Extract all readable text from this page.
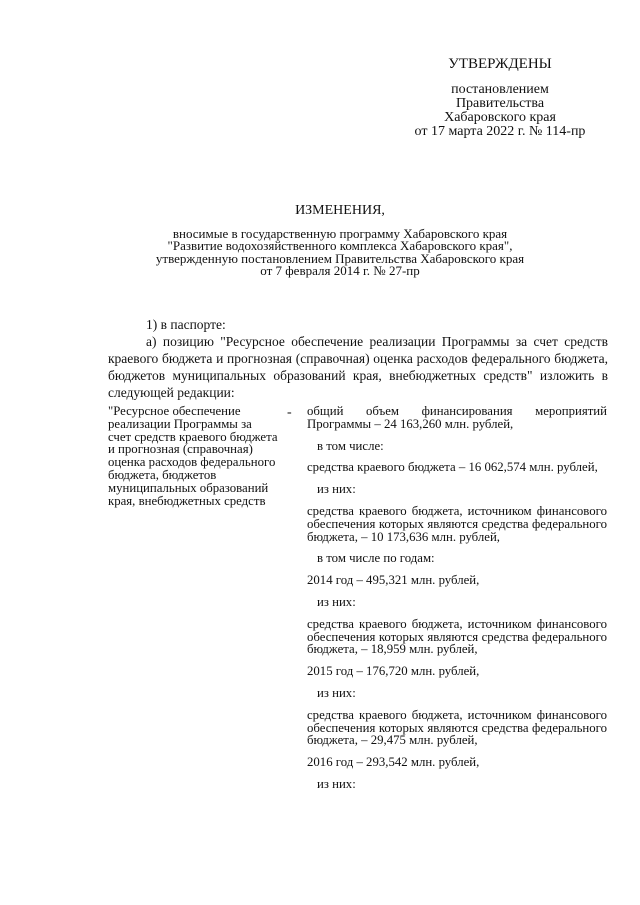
УТВЕРЖДЕНЫ
постановлением
Правительства
Хабаровского края
от 17 марта 2022 г. № 114-пр
ИЗМЕНЕНИЯ,
вносимые в государственную программу Хабаровского края
"Развитие водохозяйственного комплекса Хабаровского края",
утвержденную постановлением Правительства Хабаровского края
от 7 февраля 2014 г. № 27-пр
1) в паспорте:
а) позицию "Ресурсное обеспечение реализации Программы за счет средств краевого бюджета и прогнозная (справочная) оценка расходов федерального бюджета, бюджетов муниципальных образований края, внебюджетных средств" изложить в следующей редакции:
"Ресурсное обеспечение реализации Программы за счет средств краевого бюджета и прогнозная (справочная) оценка расходов федерального бюджета, бюджетов муниципальных образований края, внебюджетных средств
- общий объем финансирования мероприятий Программы – 24 163,260 млн. рублей,

в том числе:

средства краевого бюджета – 16 062,574 млн. рублей,

из них:

средства краевого бюджета, источником финансового обеспечения которых являются средства федерального бюджета, – 10 173,636 млн. рублей,

в том числе по годам:

2014 год – 495,321 млн. рублей,

из них:

средства краевого бюджета, источником финансового обеспечения которых являются средства федерального бюджета, – 18,959 млн. рублей,

2015 год – 176,720 млн. рублей,

из них:

средства краевого бюджета, источником финансового обеспечения которых являются средства федерального бюджета, – 29,475 млн. рублей,

2016 год – 293,542 млн. рублей,

из них:
